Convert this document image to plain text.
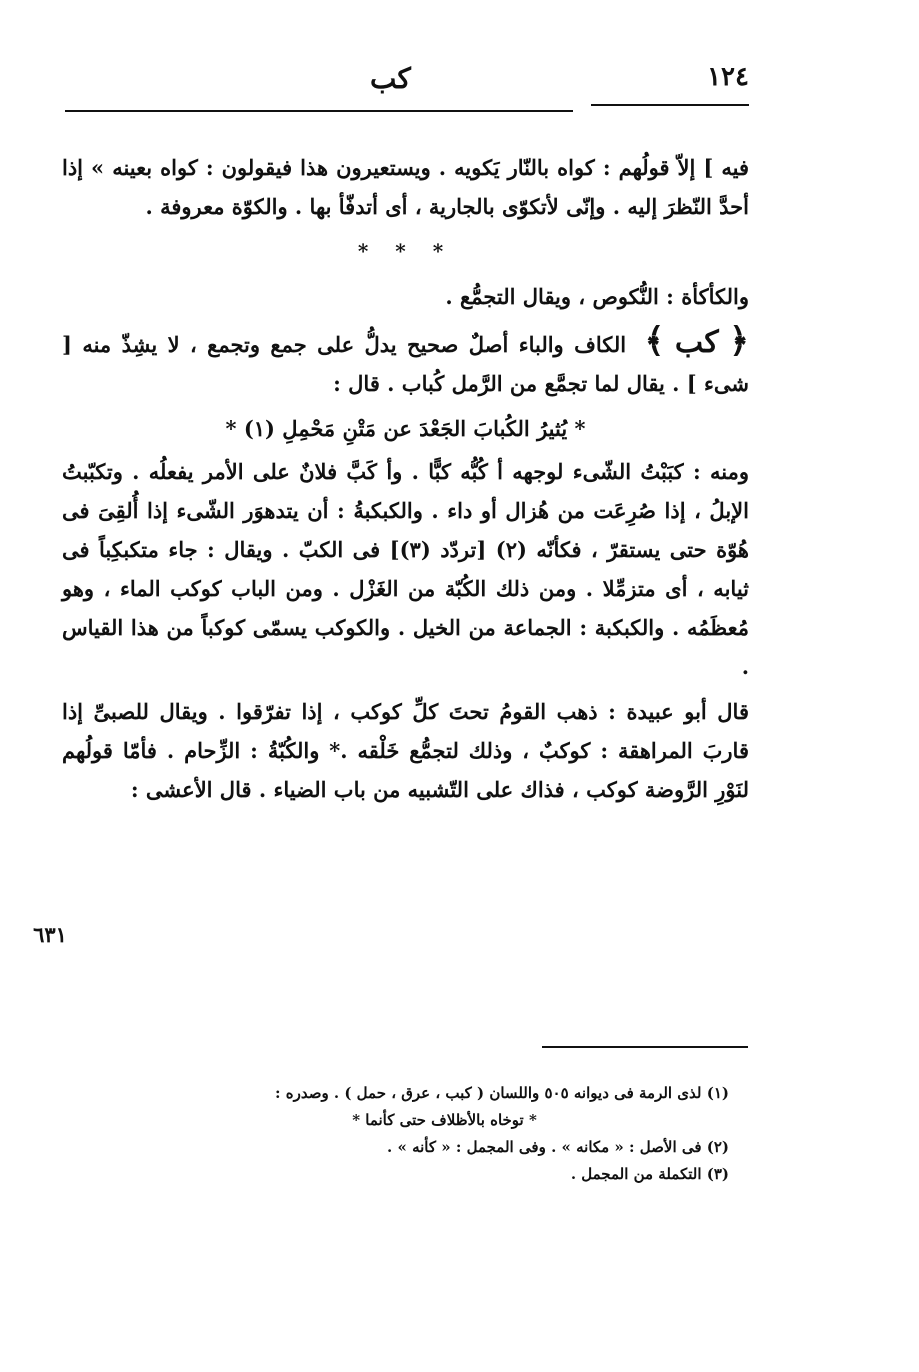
١٢٤
كب

فيه ] إلاّ قولُهم : كواه بالنّار يَكويه . ويستعيرون هذا فيقولون : كواه بعينه » إذا أحدَّ النّظرَ إليه . وإنّى لأتكوّى بالجارية ، أى أتدفّأ بها . والكوّة معروفة .

* * *

والكأكأة : النُّكوص ، ويقال التجمُّع .

﴿ كب ﴾ الكاف والباء أصلٌ صحيح يدلُّ على جمع وتجمع ، لا يشِذّ منه [ شىء ] . يقال لما تجمَّع من الرَّمل كُباب . قال :

* يُثيرُ الكُبابَ الجَعْدَ عن مَتْنِ مَحْمِلِ (١) *

ومنه : كبَبْتُ الشّىء لوجهه أ كُبُّه كبًّا . وأ كَبَّ فلانٌ على الأمر يفعلُه . وتكبّبتُ الإبلُ ، إذا صُرِعَت من هُزال أو داء . والكبكبةُ : أن يتدهوَر الشّىء إذا أُلقِىَ فى هُوّة حتى يستقرّ ، فكأنّه (٢) [تردّد (٣)] فى الكبّ . ويقال : جاء متكبكِباً فى ثيابه ، أى متزمِّلا . ومن ذلك الكُبّة من الغَزْل . ومن الباب كوكب الماء ، وهو مُعظَمُه . والكبكبة : الجماعة من الخيل . والكوكب يسمّى كوكباً من هذا القياس .

قال أبو عبيدة : ذهب القومُ تحتَ كلِّ كوكب ، إذا تفرّقوا . ويقال للصبىِّ إذا قاربَ المراهقة : كوكبٌ ، وذلك لتجمُّع خَلْقه .* والكُبّةُ : الزِّحام . فأمّا قولُهم لنَوْرِ الرَّوضة كوكب ، فذاك على التّشبيه من باب الضياء . قال الأعشى :

٦٣١
(١) لذى الرمة فى ديوانه ٥٠٥ واللسان ( كبب ، عرق ، حمل ) . وصدره :
* توخاه بالأظلاف حتى كأنما *
(٢) فى الأصل : « مكانه » . وفى المجمل : « كأنه » .
(٣) التكملة من المجمل .
